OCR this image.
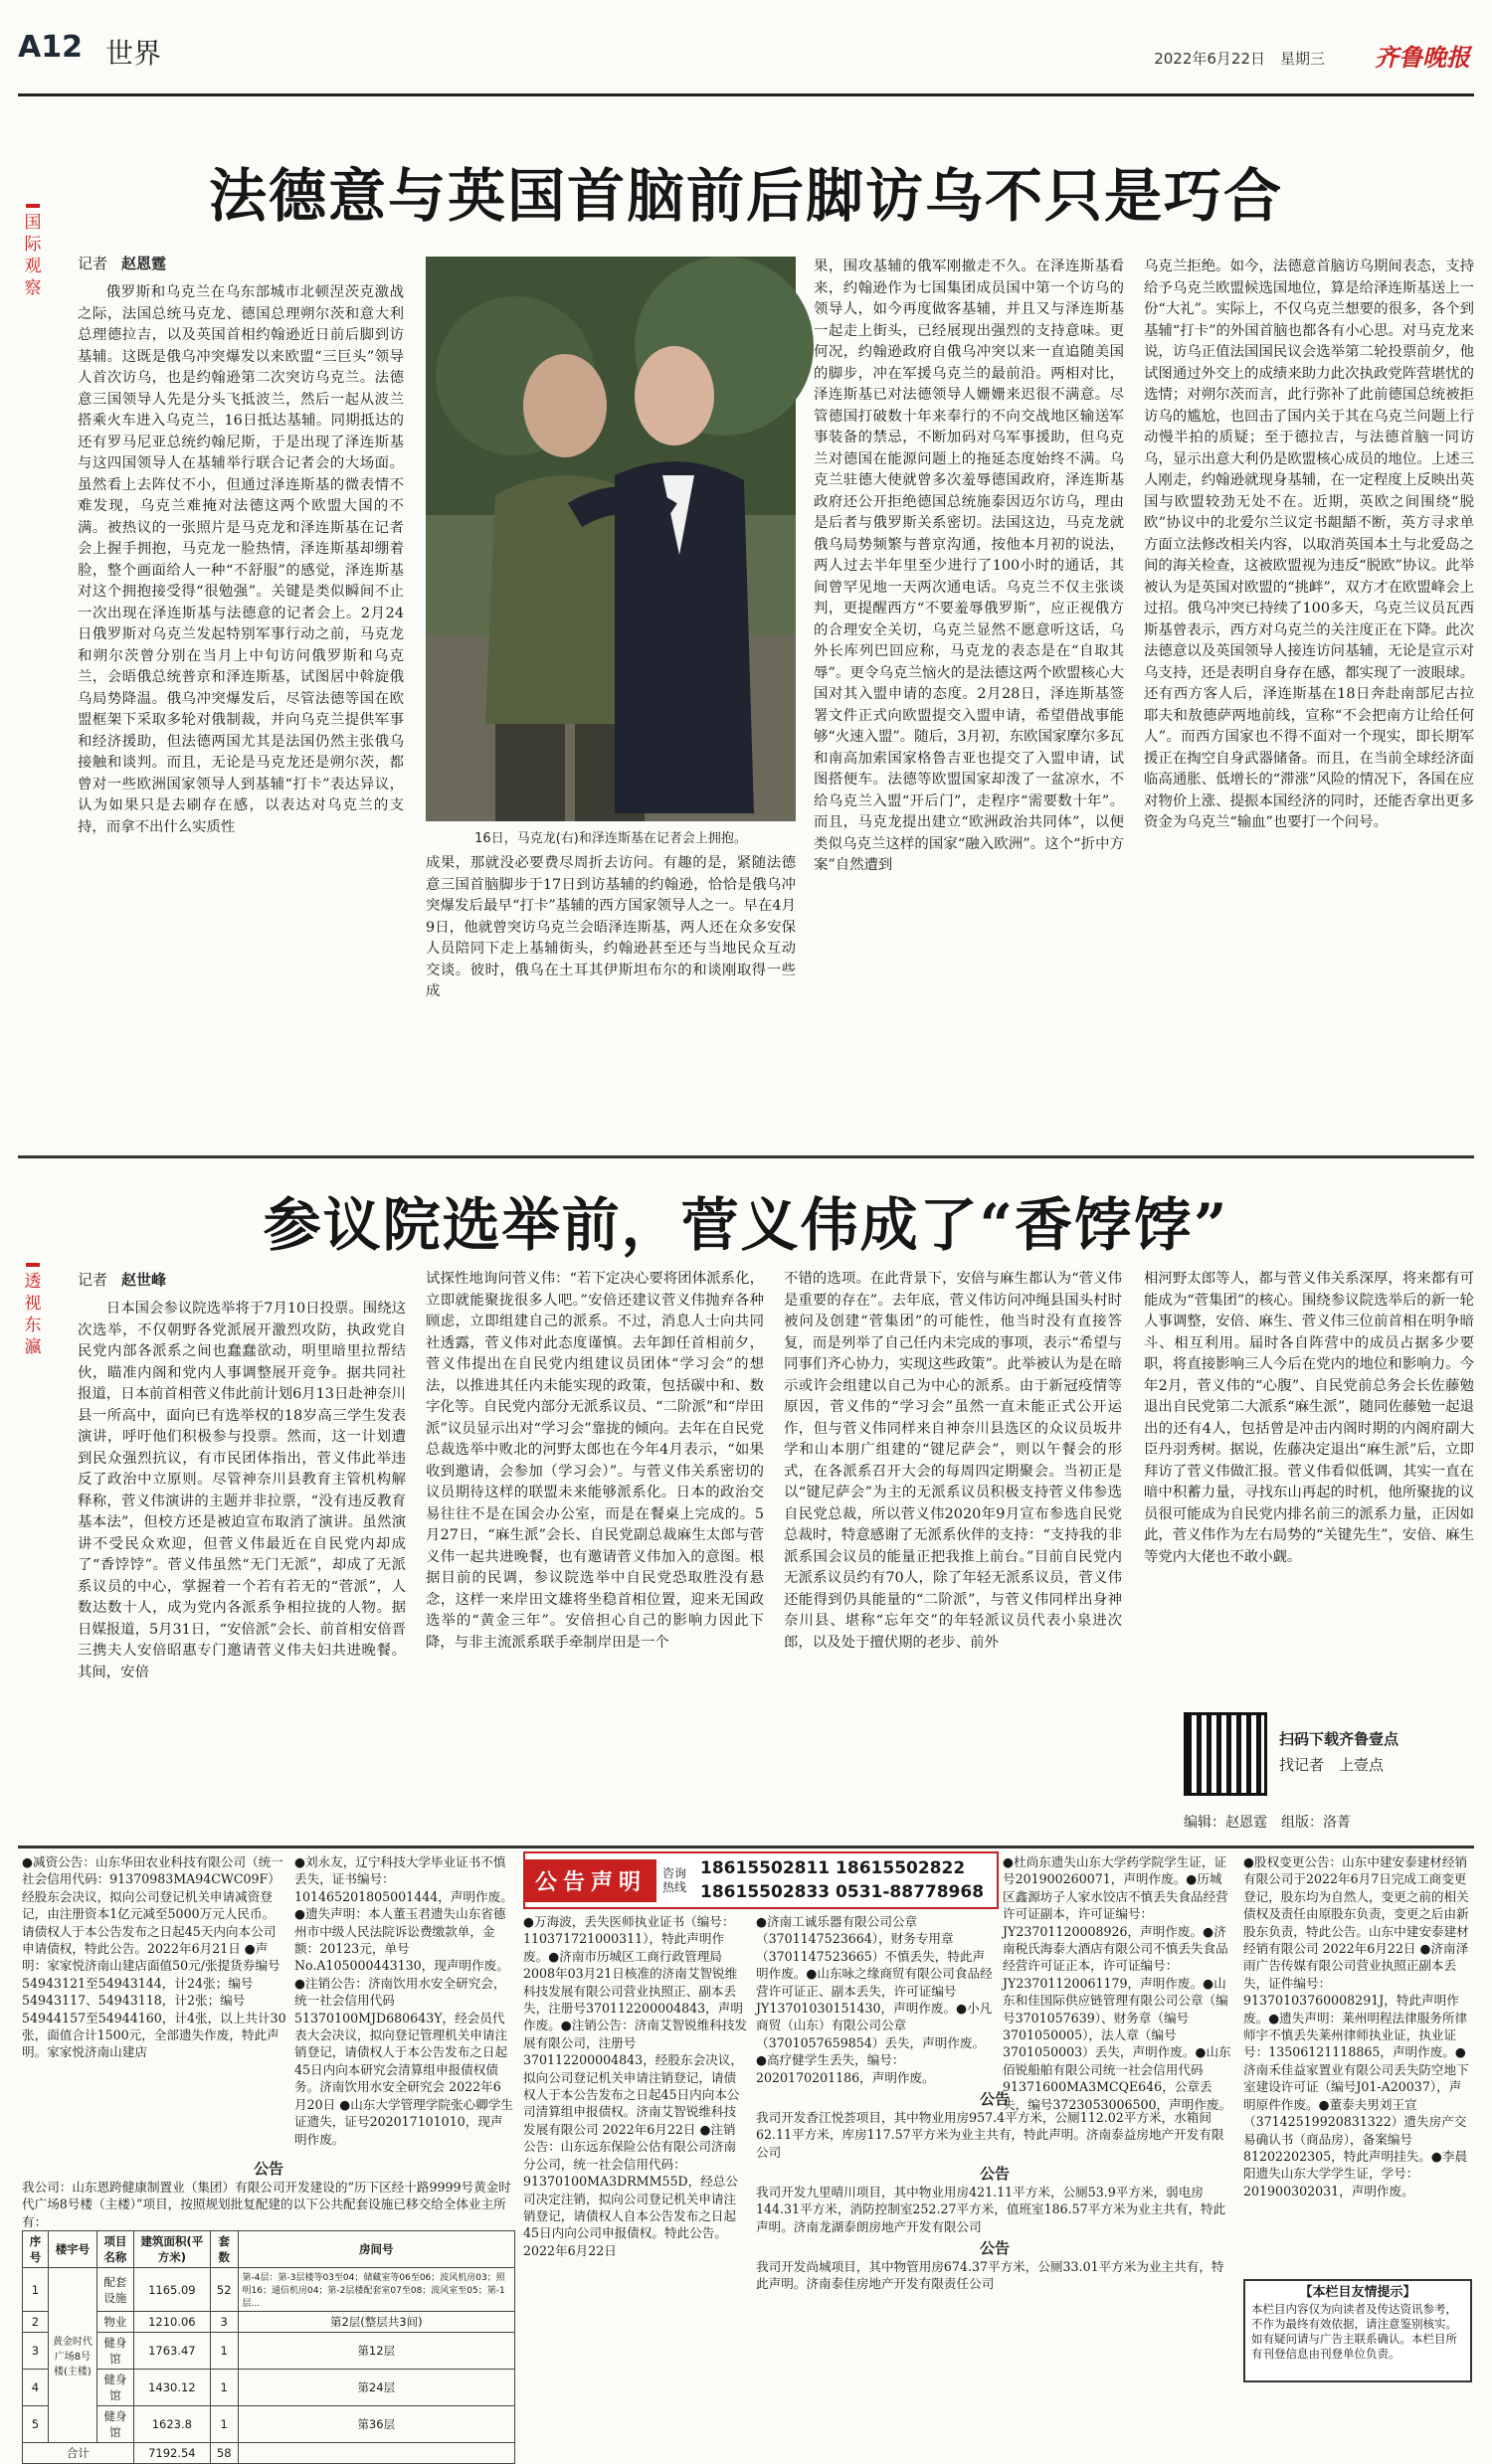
A12 世界	2022年6月22日　星期三 齐鲁晚报
国际观察
法德意与英国首脑前后脚访乌不只是巧合
记者 赵恩霆

俄罗斯和乌克兰在乌东部城市北顿涅茨克激战之际，法国总统马克龙、德国总理朔尔茨和意大利总理德拉吉，以及英国首相约翰逊近日前后脚到访基辅。这既是俄乌冲突爆发以来欧盟“三巨头”领导人首次访乌，也是约翰逊第二次突访乌克兰。法德意三国领导人先是分头飞抵波兰，然后一起从波兰搭乘火车进入乌克兰，16日抵达基辅。同期抵达的还有罗马尼亚总统约翰尼斯，于是出现了泽连斯基与这四国领导人在基辅举行联合记者会的大场面。虽然看上去阵仗不小，但通过泽连斯基的微表情不难发现，乌克兰难掩对法德这两个欧盟大国的不满。被热议的一张照片是马克龙和泽连斯基在记者会上握手拥抱，马克龙一脸热情，泽连斯基却绷着脸，整个画面给人一种“不舒服”的感觉，泽连斯基对这个拥抱接受得“很勉强”。关键是类似瞬间不止一次出现在泽连斯基与法德意的记者会上。2月24日俄罗斯对乌克兰发起特别军事行动之前，马克龙和朔尔茨曾分别在当月上中旬访问俄罗斯和乌克兰，会晤俄总统普京和泽连斯基，试图居中斡旋俄乌局势降温。俄乌冲突爆发后，尽管法德等国在欧盟框架下采取多轮对俄制裁，并向乌克兰提供军事和经济援助，但法德两国尤其是法国仍然主张俄乌接触和谈判。而且，无论是马克龙还是朔尔茨，都曾对一些欧洲国家领导人到基辅“打卡”表达异议，认为如果只是去刷存在感，以表达对乌克兰的支持，而拿不出什么实质性

16日，马克龙(右)和泽连斯基在记者会上拥抱。

成果，那就没必要费尽周折去访问。有趣的是，紧随法德意三国首脑脚步于17日到访基辅的约翰逊，恰恰是俄乌冲突爆发后最早“打卡”基辅的西方国家领导人之一。早在4月9日，他就曾突访乌克兰会晤泽连斯基，两人还在众多安保人员陪同下走上基辅街头，约翰逊甚至还与当地民众互动交谈。彼时，俄乌在土耳其伊斯坦布尔的和谈刚取得一些成

果，围攻基辅的俄军刚撤走不久。在泽连斯基看来，约翰逊作为七国集团成员国中第一个访乌的领导人，如今再度做客基辅，并且又与泽连斯基一起走上街头，已经展现出强烈的支持意味。更何况，约翰逊政府自俄乌冲突以来一直追随美国的脚步，冲在军援乌克兰的最前沿。两相对比，泽连斯基已对法德领导人姗姗来迟很不满意。尽管德国打破数十年来奉行的不向交战地区输送军事装备的禁忌，不断加码对乌军事援助，但乌克兰对德国在能源问题上的拖延态度始终不满。乌克兰驻德大使就曾多次羞辱德国政府，泽连斯基政府还公开拒绝德国总统施泰因迈尔访乌，理由是后者与俄罗斯关系密切。法国这边，马克龙就俄乌局势频繁与普京沟通，按他本月初的说法，两人过去半年里至少进行了100小时的通话，其间曾罕见地一天两次通电话。乌克兰不仅主张谈判，更提醒西方“不要羞辱俄罗斯”，应正视俄方的合理安全关切，乌克兰显然不愿意听这话，乌外长库列巴回应称，马克龙的表态是在“自取其辱”。更令乌克兰恼火的是法德这两个欧盟核心大国对其入盟申请的态度。2月28日，泽连斯基签署文件正式向欧盟提交入盟申请，希望借战事能够“火速入盟”。随后，3月初，东欧国家摩尔多瓦和南高加索国家格鲁吉亚也提交了入盟申请，试图搭便车。法德等欧盟国家却泼了一盆凉水，不给乌克兰入盟“开后门”，走程序“需要数十年”。而且，马克龙提出建立“欧洲政治共同体”，以便类似乌克兰这样的国家“融入欧洲”。这个“折中方案”自然遭到

乌克兰拒绝。如今，法德意首脑访乌期间表态，支持给予乌克兰欧盟候选国地位，算是给泽连斯基送上一份“大礼”。实际上，不仅乌克兰想要的很多，各个到基辅“打卡”的外国首脑也都各有小心思。对马克龙来说，访乌正值法国国民议会选举第二轮投票前夕，他试图通过外交上的成绩来助力此次执政党阵营堪忧的选情；对朔尔茨而言，此行弥补了此前德国总统被拒访乌的尴尬，也回击了国内关于其在乌克兰问题上行动慢半拍的质疑；至于德拉吉，与法德首脑一同访乌，显示出意大利仍是欧盟核心成员的地位。上述三人刚走，约翰逊就现身基辅，在一定程度上反映出英国与欧盟较劲无处不在。近期，英欧之间围绕“脱欧”协议中的北爱尔兰议定书龃龉不断，英方寻求单方面立法修改相关内容，以取消英国本土与北爱岛之间的海关检查，这被欧盟视为违反“脱欧”协议。此举被认为是英国对欧盟的“挑衅”，双方才在欧盟峰会上过招。俄乌冲突已持续了100多天，乌克兰议员瓦西斯基曾表示，西方对乌克兰的关注度正在下降。此次法德意以及英国领导人接连访问基辅，无论是宣示对乌支持，还是表明自身存在感，都实现了一波眼球。还有西方客人后，泽连斯基在18日奔赴南部尼古拉耶夫和敖德萨两地前线，宣称“不会把南方让给任何人”。而西方国家也不得不面对一个现实，即长期军援正在掏空自身武器储备。而且，在当前全球经济面临高通胀、低增长的“滞涨”风险的情况下，各国在应对物价上涨、提振本国经济的同时，还能否拿出更多资金为乌克兰“输血”也要打一个问号。

透视东瀛
参议院选举前，菅义伟成了“香饽饽”
记者 赵世峰

日本国会参议院选举将于7月10日投票。围绕这次选举，不仅朝野各党派展开激烈攻防，执政党自民党内部各派系之间也蠢蠢欲动，明里暗里拉帮结伙，瞄准内阁和党内人事调整展开竞争。据共同社报道，日本前首相菅义伟此前计划6月13日赴神奈川县一所高中，面向已有选举权的18岁高三学生发表演讲，呼吁他们积极参与投票。然而，这一计划遭到民众强烈抗议，有市民团体指出，菅义伟此举违反了政治中立原则。尽管神奈川县教育主管机构解释称，菅义伟演讲的主题并非拉票，“没有违反教育基本法”，但校方还是被迫宣布取消了演讲。虽然演讲不受民众欢迎，但菅义伟最近在自民党内却成了“香饽饽”。菅义伟虽然“无门无派”，却成了无派系议员的中心，掌握着一个若有若无的“菅派”，人数达数十人，成为党内各派系争相拉拢的人物。据日媒报道，5月31日，“安倍派”会长、前首相安倍晋三携夫人安倍昭惠专门邀请菅义伟夫妇共进晚餐。其间，安倍

试探性地询问菅义伟：“若下定决心要将团体派系化，立即就能聚拢很多人吧。”安倍还建议菅义伟抛弃各种顾虑，立即组建自己的派系。不过，消息人士向共同社透露，菅义伟对此态度谨慎。去年卸任首相前夕，菅义伟提出在自民党内组建议员团体“学习会”的想法，以推进其任内未能实现的政策，包括碳中和、数字化等。自民党内部分无派系议员、“二阶派”和“岸田派”议员显示出对“学习会”靠拢的倾向。去年在自民党总裁选举中败北的河野太郎也在今年4月表示，“如果收到邀请，会参加（学习会）”。与菅义伟关系密切的议员期待这样的联盟未来能够派系化。日本的政治交易往往不是在国会办公室，而是在餐桌上完成的。5月27日，“麻生派”会长、自民党副总裁麻生太郎与菅义伟一起共进晚餐，也有邀请菅义伟加入的意图。根据目前的民调，参议院选举中自民党恐取胜没有悬念，这样一来岸田文雄将坐稳首相位置，迎来无国政选举的“黄金三年”。安倍担心自己的影响力因此下降，与非主流派系联手牵制岸田是一个

不错的选项。在此背景下，安倍与麻生都认为“菅义伟是重要的存在”。去年底，菅义伟访问冲绳县国头村时被问及创建“菅集团”的可能性，他当时没有直接答复，而是列举了自己任内未完成的事项，表示“希望与同事们齐心协力，实现这些政策”。此举被认为是在暗示或许会组建以自己为中心的派系。由于新冠疫情等原因，菅义伟的“学习会”虽然一直未能正式公开运作，但与菅义伟同样来自神奈川县选区的众议员坂井学和山本朋广组建的“键尼萨会”，则以午餐会的形式，在各派系召开大会的每周四定期聚会。当初正是以“键尼萨会”为主的无派系议员积极支持菅义伟参选自民党总裁，所以菅义伟2020年9月宣布参选自民党总裁时，特意感谢了无派系伙伴的支持：“支持我的非派系国会议员的能量正把我推上前台。”目前自民党内无派系议员约有70人，除了年轻无派系议员，菅义伟还能得到仍具能量的“二阶派”，与菅义伟同样出身神奈川县、堪称“忘年交”的年轻派议员代表小泉进次郎，以及处于擅伏期的老步、前外

相河野太郎等人，都与菅义伟关系深厚，将来都有可能成为“菅集团”的核心。围绕参议院选举后的新一轮人事调整，安倍、麻生、菅义伟三位前首相在明争暗斗、相互利用。届时各自阵营中的成员占据多少要职，将直接影响三人今后在党内的地位和影响力。今年2月，菅义伟的“心腹”、自民党前总务会长佐藤勉退出自民党第二大派系“麻生派”，随同佐藤勉一起退出的还有4人，包括曾是冲击内阁时期的内阁府副大臣丹羽秀树。据说，佐藤决定退出“麻生派”后，立即拜访了菅义伟做汇报。菅义伟看似低调，其实一直在暗中积蓄力量，寻找东山再起的时机，他所聚拢的议员很可能成为自民党内排名前三的派系力量，正因如此，菅义伟作为左右局势的“关键先生”，安倍、麻生等党内大佬也不敢小觑。

扫码下载齐鲁壹点
找记者　上壹点
编辑：赵恩霆　组版：洛菁

●减资公告：山东华田农业科技有限公司（统一社会信用代码：91370983MA94CWC09F）经股东会决议，拟向公司登记机关申请减资登记，由注册资本1亿元减至5000万元人民币。请债权人于本公告发布之日起45天内向本公司申请债权，特此公告。2022年6月21日 ●声明：家家悦济南山建店面值50元/张提货券编号54943121至54943144，计24张；编号54943117、54943118，计2张；编号54944157至54944160，计4张，以上共计30张，面值合计1500元，全部遗失作废，特此声明。家家悦济南山建店

●刘永友，辽宁科技大学毕业证书不慎丢失，证书编号：101465201805001444，声明作废。●遗失声明：本人董玉君遗失山东省德州市中级人民法院诉讼费缴款单，金额：20123元，单号No.A105000443130，现声明作废。●注销公告：济南饮用水安全研究会，统一社会信用代码51370100MJD680643Y，经会员代表大会决议，拟向登记管理机关申请注销登记，请债权人于本公告发布之日起45日内向本研究会清算组申报债权债务。济南饮用水安全研究会 2022年6月20日 ●山东大学管理学院张心卿学生证遗失，证号202017101010，现声明作废。

公告声明	咨询热线
18615502811 18615502822
18615502833 0531-88778968

●万海波，丢失医师执业证书（编号：110371721000311），特此声明作废。●济南市历城区工商行政管理局2008年03月21日核准的济南艾智锐维科技发展有限公司营业执照正、副本丢失，注册号370112200004843，声明作废。●注销公告：济南艾智锐维科技发展有限公司，注册号370112200004843，经股东会决议，拟向公司登记机关申请注销登记，请债权人于本公告发布之日起45日内向本公司清算组申报债权。济南艾智锐维科技发展有限公司 2022年6月22日 ●注销公告：山东远东保险公估有限公司济南分公司，统一社会信用代码：91370100MA3DRMM55D，经总公司决定注销，拟向公司登记机关申请注销登记，请债权人自本公告发布之日起45日内向公司申报债权。特此公告。2022年6月22日

●济南工诚乐器有限公司公章（3701147523664），财务专用章（3701147523665）不慎丢失，特此声明作废。●山东咏之缘商贸有限公司食品经营许可证正、副本丢失，许可证编号JY13701030151430，声明作废。●小凡商贸（山东）有限公司公章（3701057659854）丢失，声明作废。●高疗健学生丢失，编号：2020170201186，声明作废。

●杜尚东遗失山东大学药学院学生证，证号201900260071，声明作废。●历城区鑫源坊子人家水饺店不慎丢失食品经营许可证副本，许可证编号：JY23701120008926，声明作废。●济南税氏海泰大酒店有限公司不慎丢失食品经营许可证正本，许可证编号：JY23701120061179，声明作废。●山东和佳国际供应链管理有限公司公章（编号3701057639）、财务章（编号3701050005），法人章（编号3701050003）丢失，声明作废。●山东佰锐船舶有限公司统一社会信用代码91371600MA3MCQE646，公章丢失，编号3723053006500，声明作废。

●股权变更公告：山东中建安泰建材经销有限公司于2022年6月7日完成工商变更登记，股东均为自然人，变更之前的相关债权及责任由原股东负责，变更之后由新股东负责，特此公告。山东中建安泰建材经销有限公司 2022年6月22日 ●济南泽雨广告传媒有限公司营业执照正副本丢失，证件编号：91370103760008291J，特此声明作废。●遗失声明：莱州明程法律服务所律师宇不慎丢失莱州律师执业证，执业证号：13506121118865，声明作废。●济南禾佳益家置业有限公司丢失防空地下室建设许可证（编号J01-A20037），声明原件作废。●董泰夫男刘王宣（37142519920831322）遗失房产交易确认书（商品房），备案编号81202202305，特此声明挂失。●李晨阳遗失山东大学学生证，学号：201900302031，声明作废。

公告
我公司：山东恩跨健康制置业（集团）有限公司开发建设的“历下区经十路9999号黄金时代广场8号楼（主楼）”项目，按照规划批复配建的以下公共配套设施已移交给全体业主所有：
序号	楼宇号	项目名称	建筑面积(平方米)	套数	房间号
1	黄金时代广场8号楼(主楼)	配套设施	1165.09	52	第-4层：第-3层楼等03至04；储藏室等06至06；波风机房03；照明16；通信机房04；第-2层楼配套室07至08；波风室至05；第-1层...
2		物业	1210.06	3	第2层(整层共3间)
3		健身馆	1763.47	1	第12层
4		健身馆	1430.12	1	第24层
5		健身馆	1623.8	1	第36层
合计			7192.54	58	
公告
我司开发香江悦荟项目，其中物业用房957.4平方米，公厕112.02平方米，水箱间62.11平方米，库房117.57平方米为业主共有，特此声明。济南泰益房地产开发有限公司
公告
我司开发九里晴川项目，其中物业用房421.11平方米，公厕53.9平方米，弱电房144.31平方米，消防控制室252.27平方米，值班室186.57平方米为业主共有，特此声明。济南龙湖泰朗房地产开发有限公司
公告
我司开发尚城项目，其中物管用房674.37平方米，公厕33.01平方米为业主共有，特此声明。济南泰佳房地产开发有限责任公司
【本栏目友情提示】
本栏目内容仅为向读者及传达资讯参考，不作为最终有效依据，请注意鉴别核实。如有疑问请与广告主联系确认。本栏目所有刊登信息由刊登单位负责。
